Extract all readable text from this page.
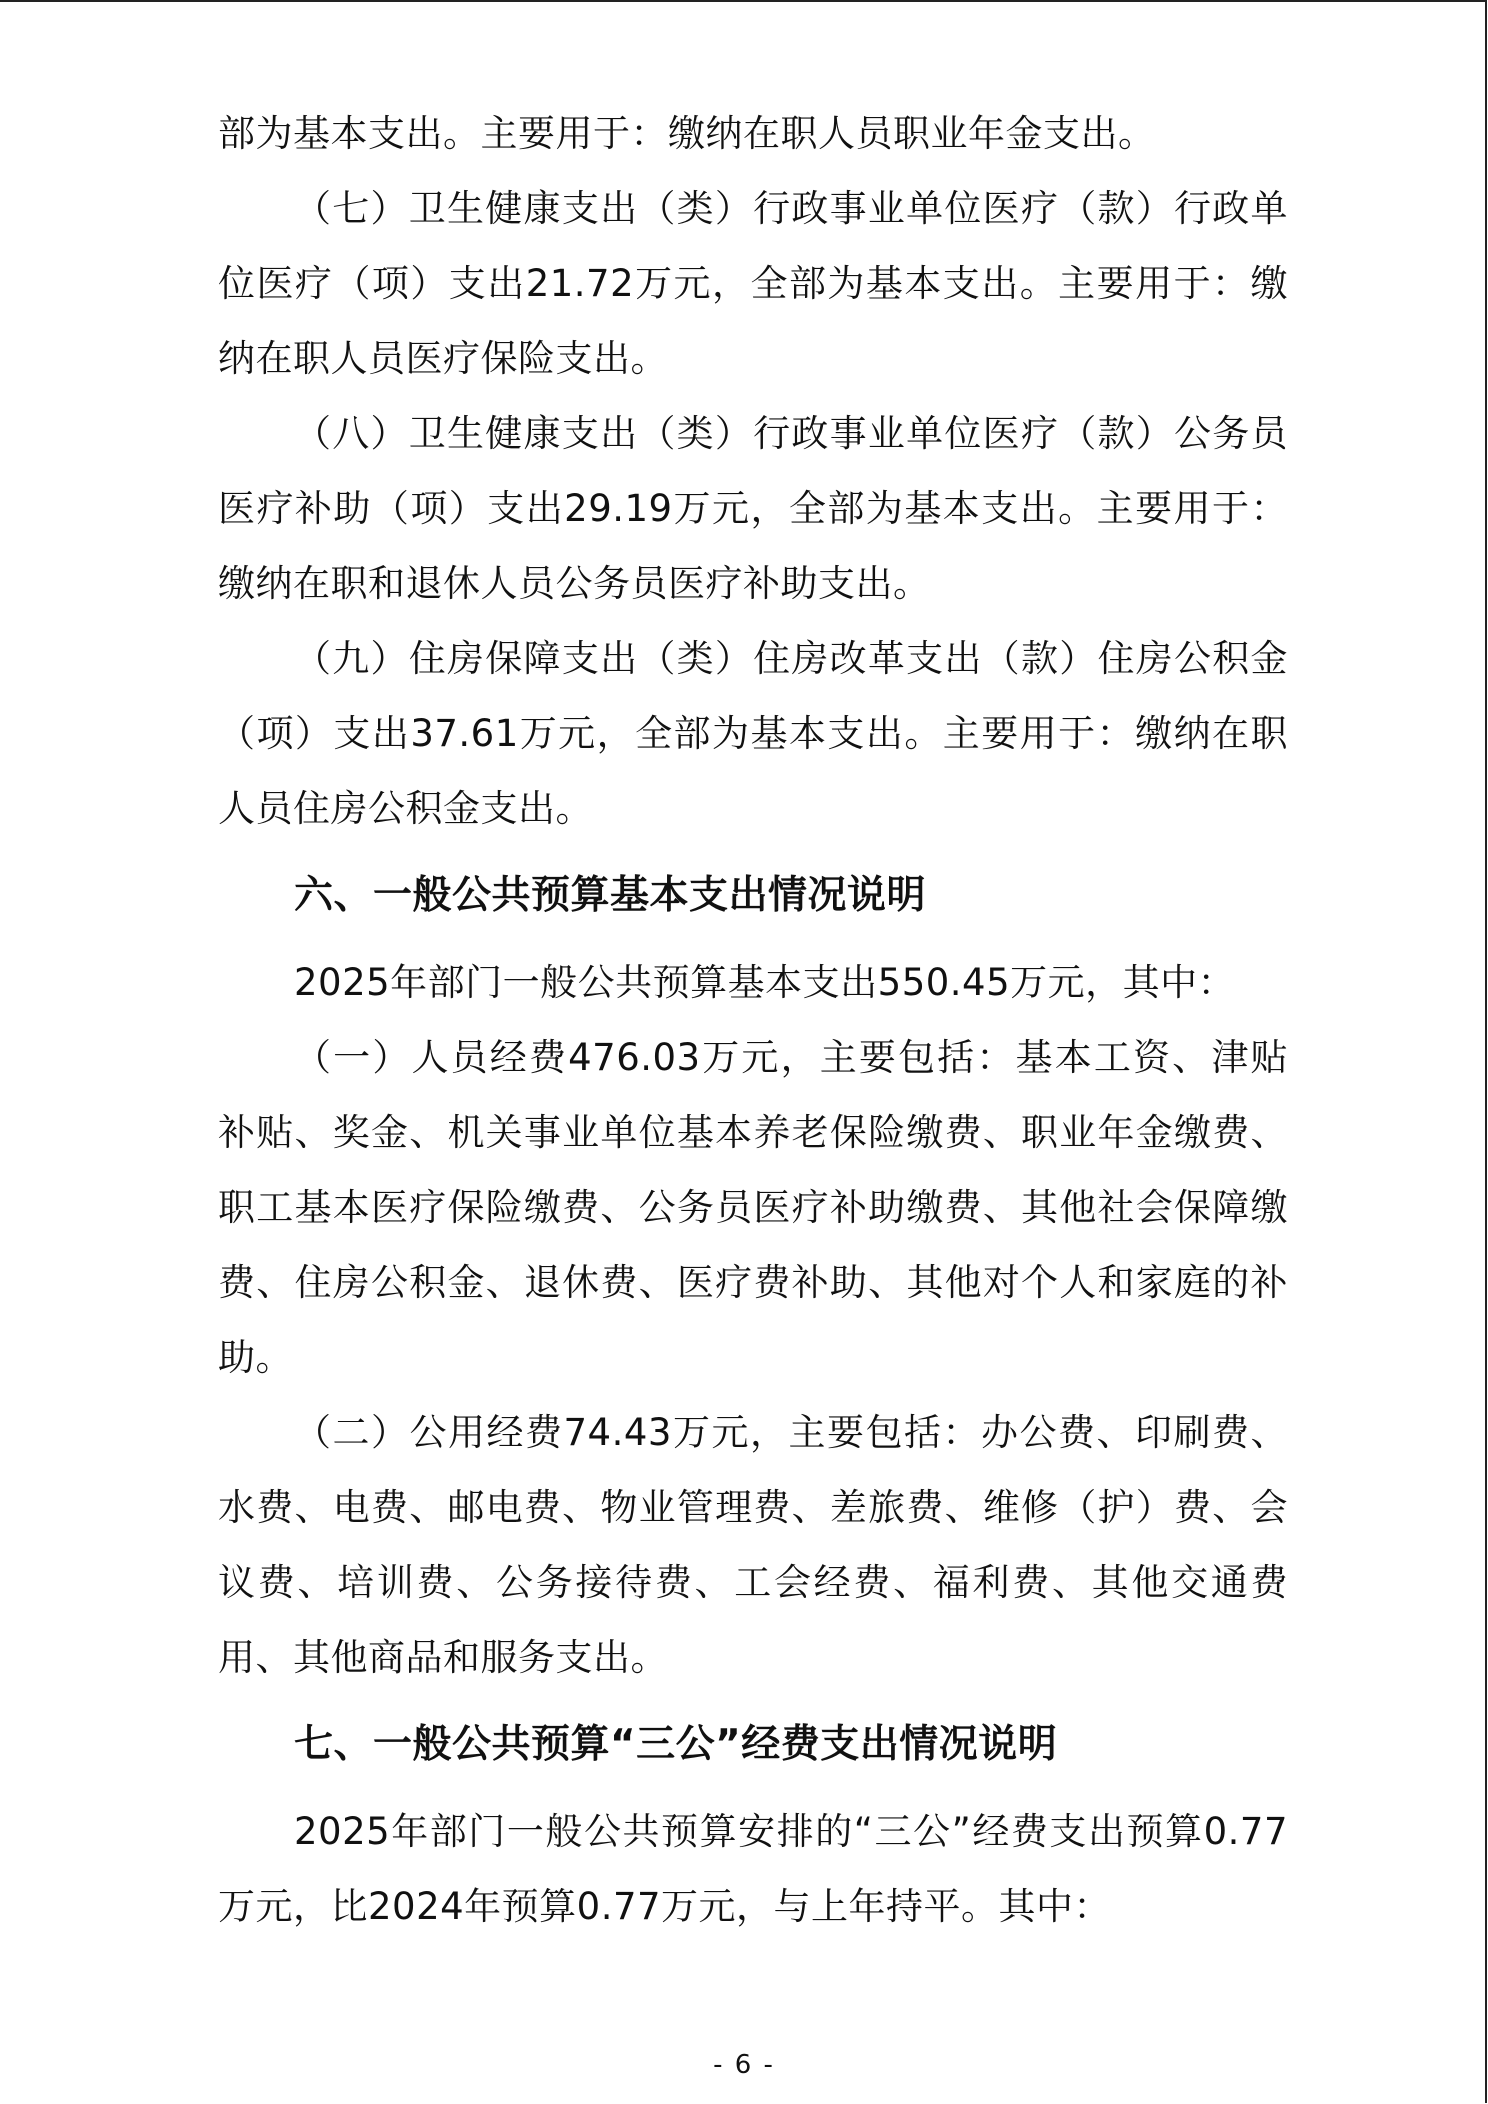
部为基本支出。主要用于：缴纳在职人员职业年金支出。

（七）卫生健康支出（类）行政事业单位医疗（款）行政单位医疗（项）支出21.72万元，全部为基本支出。主要用于：缴纳在职人员医疗保险支出。

（八）卫生健康支出（类）行政事业单位医疗（款）公务员医疗补助（项）支出29.19万元，全部为基本支出。主要用于：缴纳在职和退休人员公务员医疗补助支出。

（九）住房保障支出（类）住房改革支出（款）住房公积金（项）支出37.61万元，全部为基本支出。主要用于：缴纳在职人员住房公积金支出。

六、一般公共预算基本支出情况说明

2025年部门一般公共预算基本支出550.45万元，其中：

（一）人员经费476.03万元，主要包括：基本工资、津贴补贴、奖金、机关事业单位基本养老保险缴费、职业年金缴费、职工基本医疗保险缴费、公务员医疗补助缴费、其他社会保障缴费、住房公积金、退休费、医疗费补助、其他对个人和家庭的补助。

（二）公用经费74.43万元，主要包括：办公费、印刷费、水费、电费、邮电费、物业管理费、差旅费、维修（护）费、会议费、培训费、公务接待费、工会经费、福利费、其他交通费用、其他商品和服务支出。

七、一般公共预算“三公”经费支出情况说明

2025年部门一般公共预算安排的“三公”经费支出预算0.77万元，比2024年预算0.77万元，与上年持平。其中：

- 6 -
